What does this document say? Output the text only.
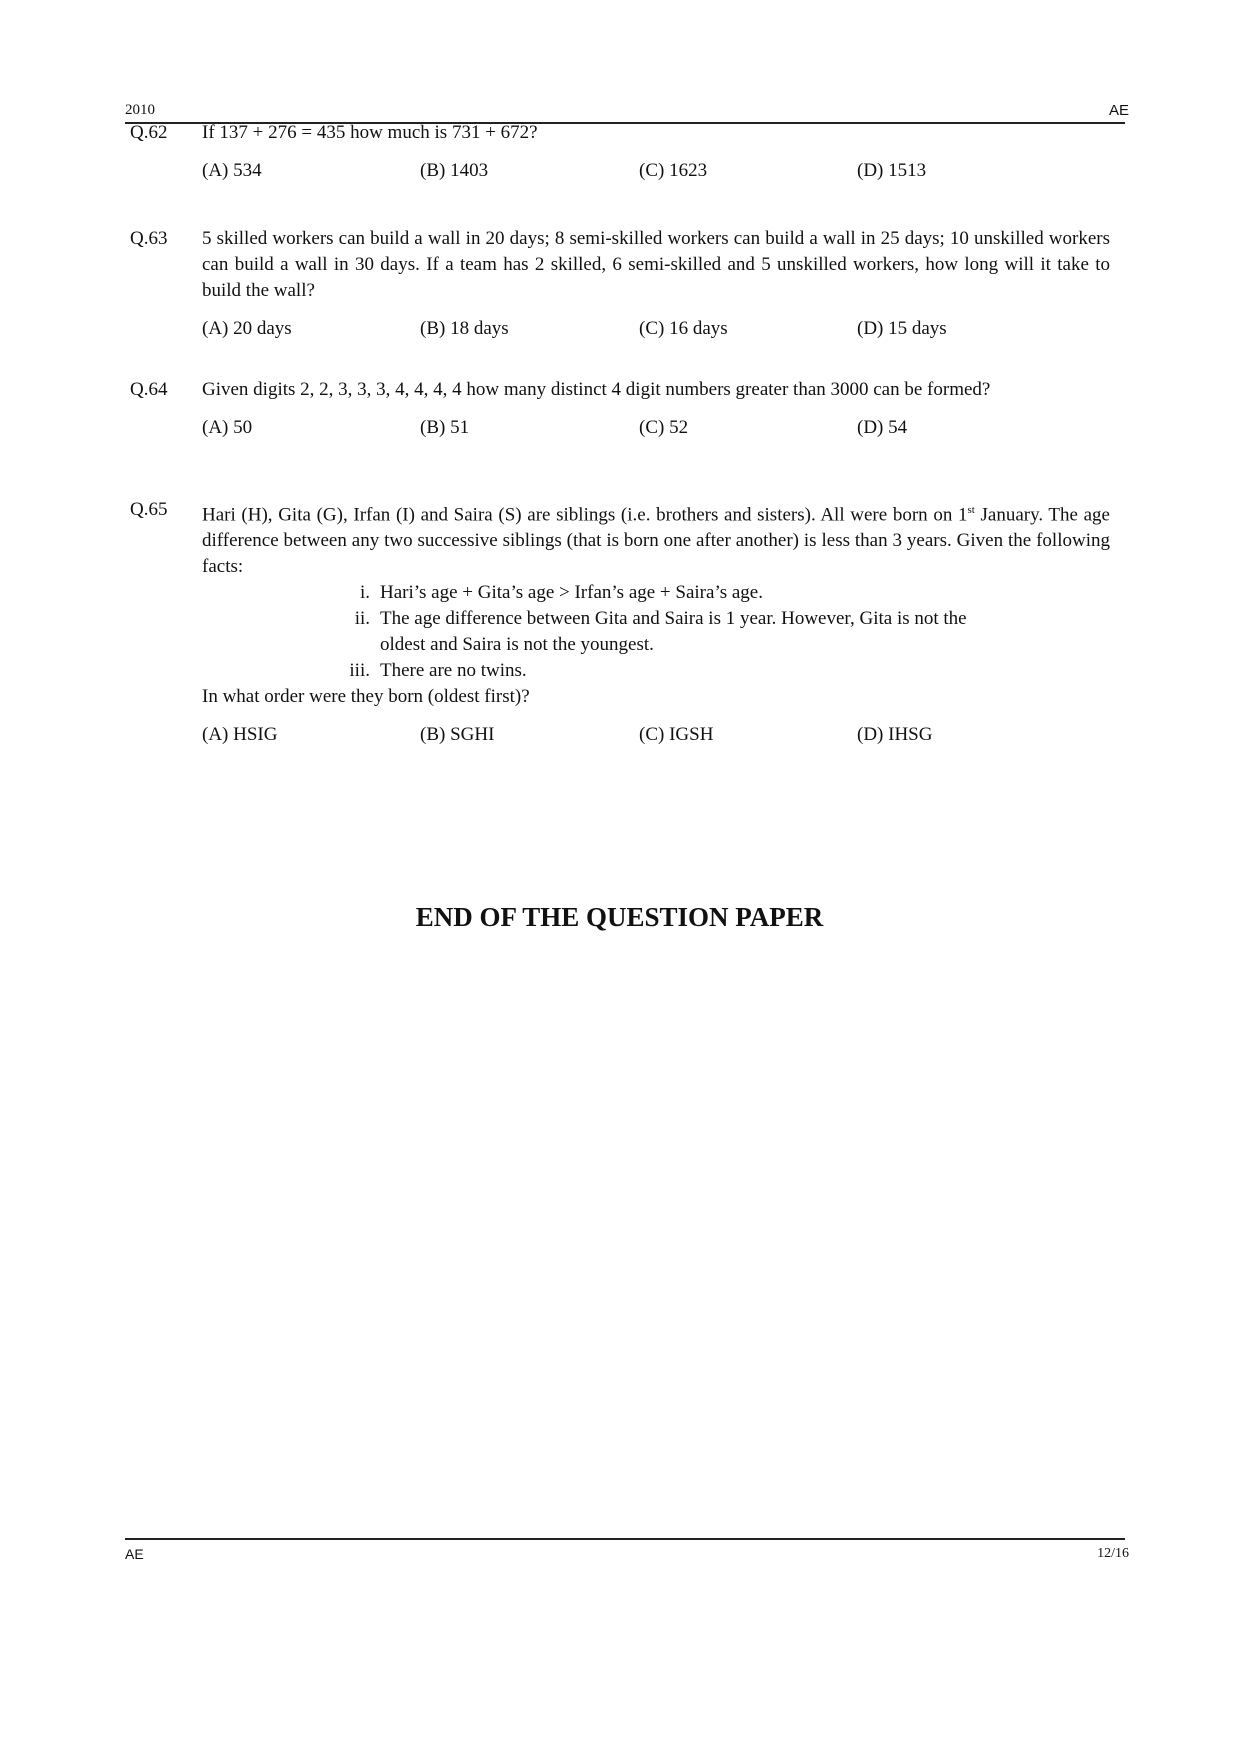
2010	AE
Q.62	If 137 + 276 = 435 how much is 731 + 672?
(A) 534	(B) 1403	(C) 1623	(D) 1513
Q.63	5 skilled workers can build a wall in 20 days; 8 semi-skilled workers can build a wall in 25 days; 10 unskilled workers can build a wall in 30 days. If a team has 2 skilled, 6 semi-skilled and 5 unskilled workers, how long will it take to build the wall?
(A) 20 days	(B) 18 days	(C) 16 days	(D) 15 days
Q.64	Given digits 2, 2, 3, 3, 3, 4, 4, 4, 4 how many distinct 4 digit numbers greater than 3000 can be formed?
(A) 50	(B) 51	(C) 52	(D) 54
Q.65	Hari (H), Gita (G), Irfan (I) and Saira (S) are siblings (i.e. brothers and sisters). All were born on 1st January. The age difference between any two successive siblings (that is born one after another) is less than 3 years. Given the following facts:
i. Hari’s age + Gita’s age > Irfan’s age + Saira’s age.
ii. The age difference between Gita and Saira is 1 year. However, Gita is not the oldest and Saira is not the youngest.
iii. There are no twins.
In what order were they born (oldest first)?
(A) HSIG	(B) SGHI	(C) IGSH	(D) IHSG
END OF THE QUESTION PAPER
AE	12/16
